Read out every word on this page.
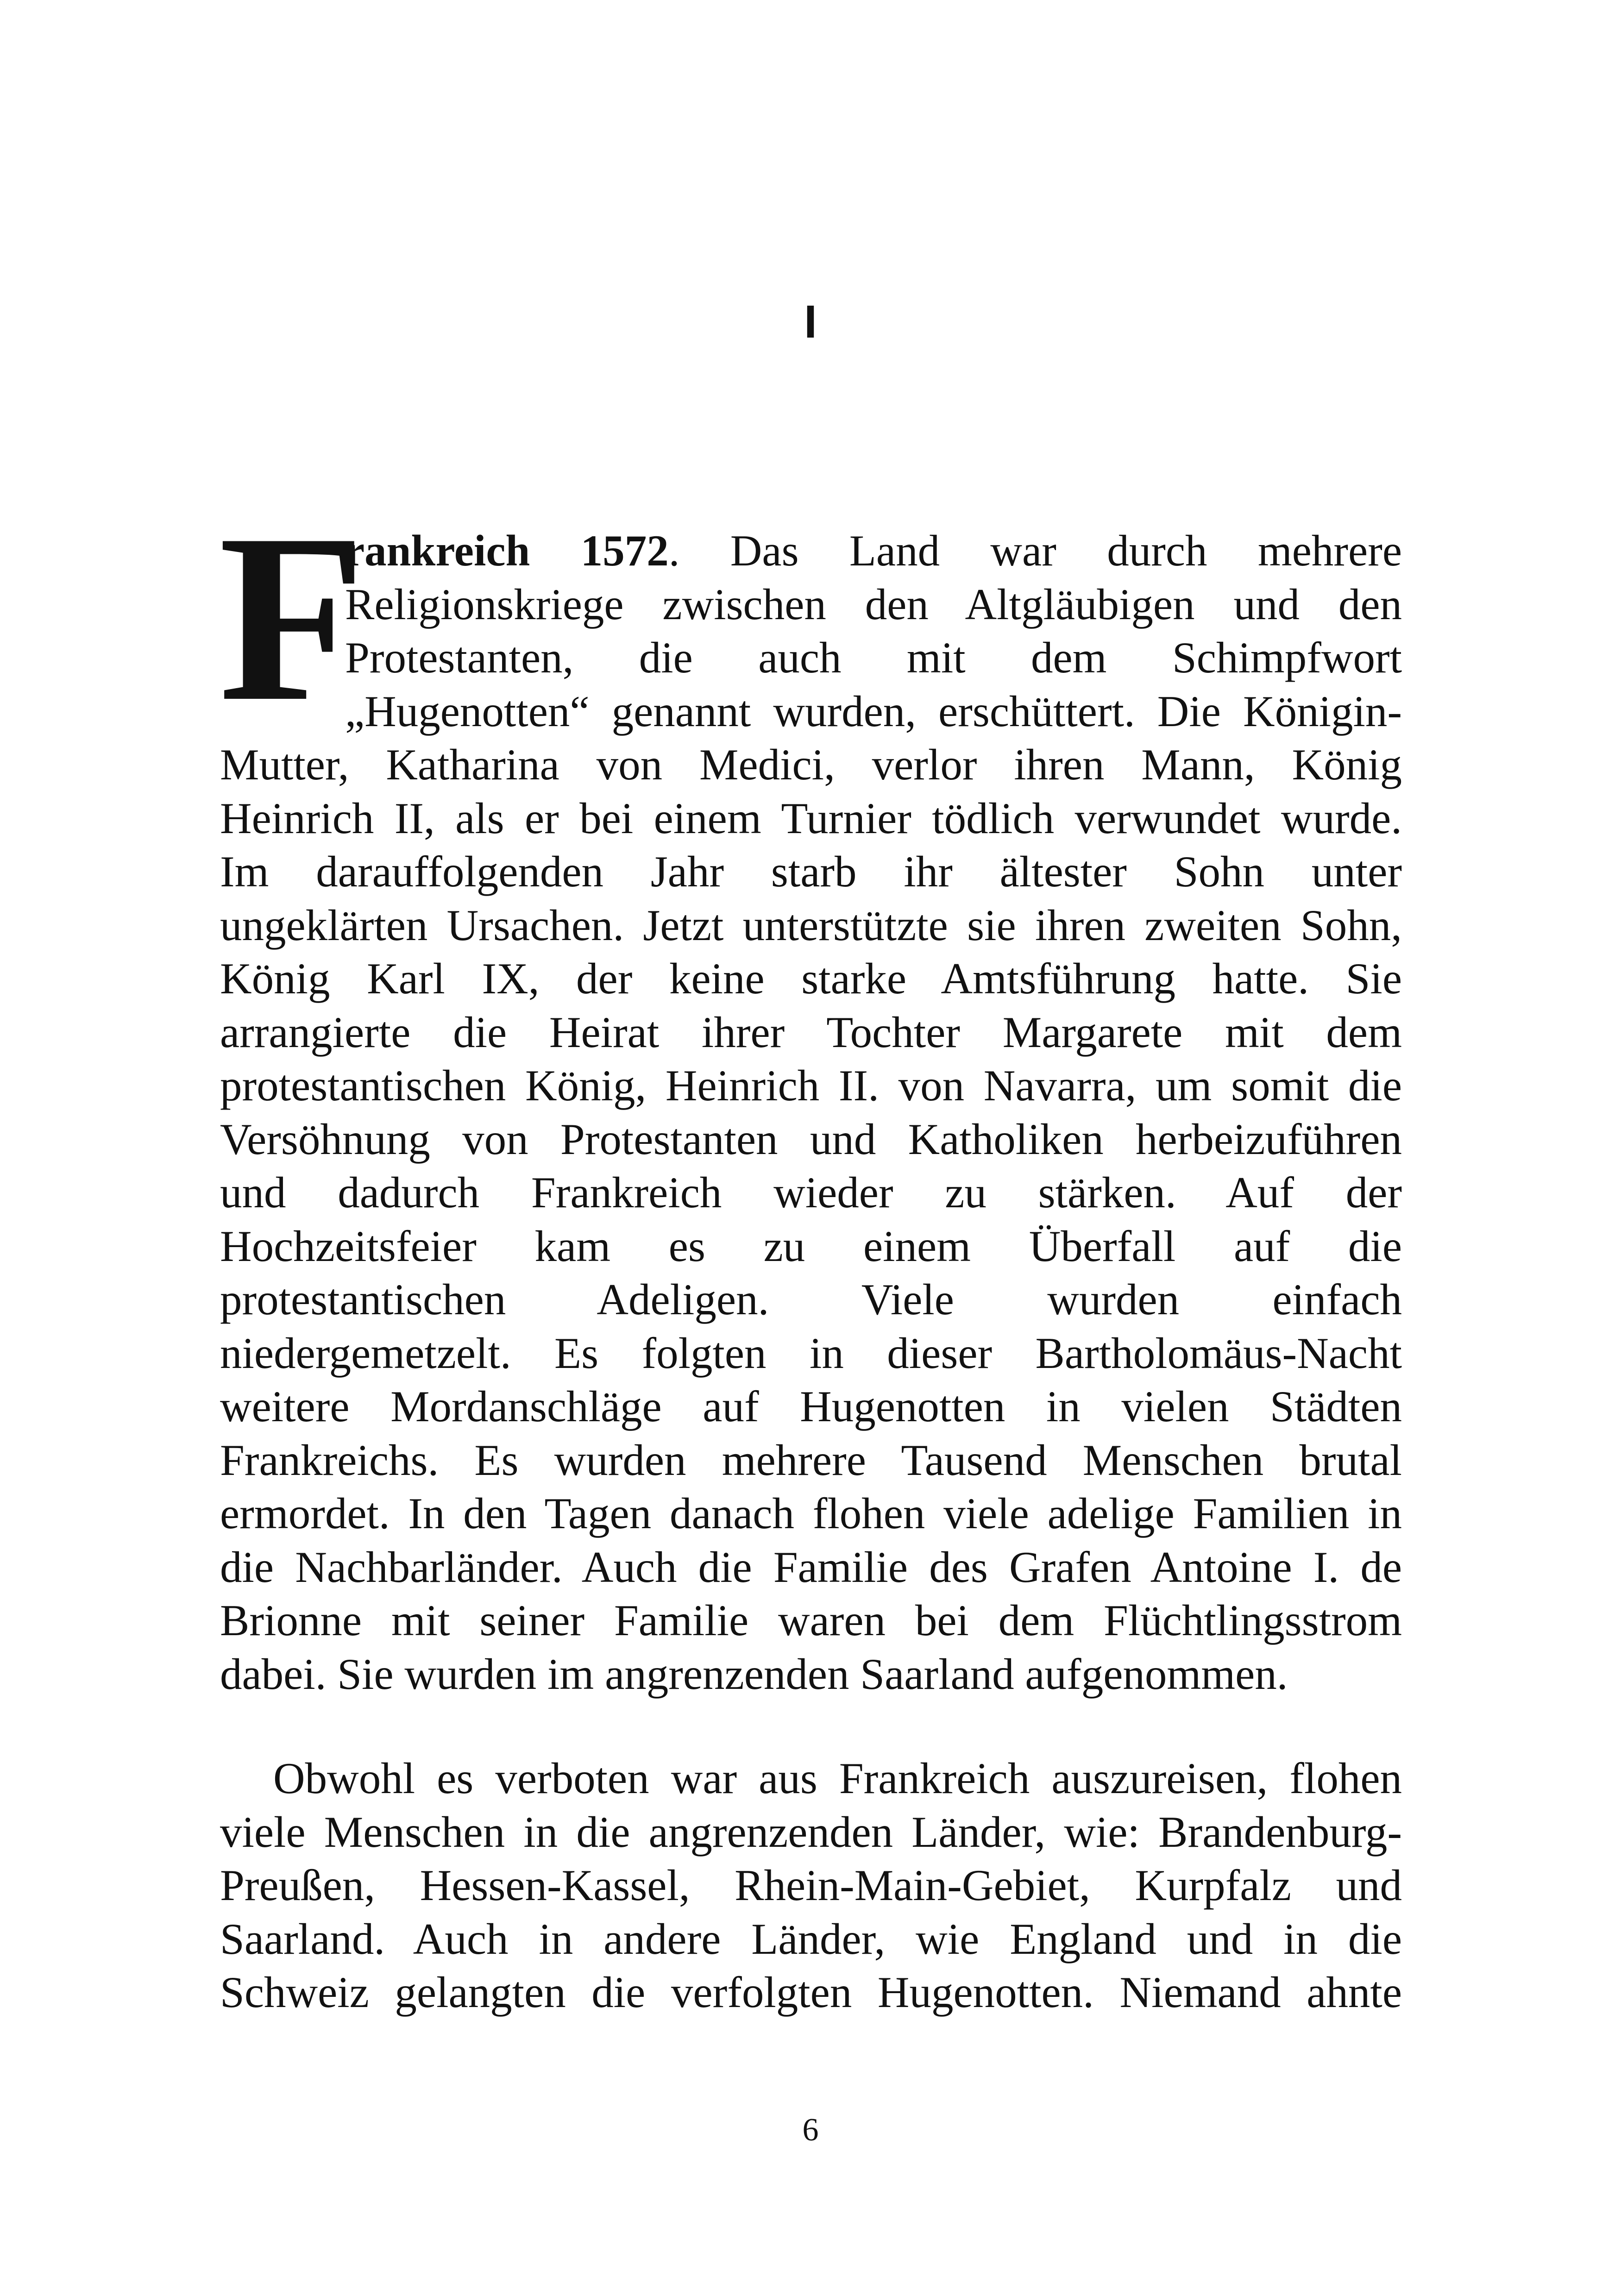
I
F
rankreich 1572. Das Land war durch mehrere
Religionskriege zwischen den Altgläubigen und den
Protestanten, die auch mit dem Schimpfwort
„Hugenotten“ genannt wurden, erschüttert. Die Königin-
Mutter, Katharina von Medici, verlor ihren Mann, König
Heinrich II, als er bei einem Turnier tödlich verwundet wurde.
Im darauffolgenden Jahr starb ihr ältester Sohn unter
ungeklärten Ursachen. Jetzt unterstützte sie ihren zweiten Sohn,
König Karl IX, der keine starke Amtsführung hatte. Sie
arrangierte die Heirat ihrer Tochter Margarete mit dem
protestantischen König, Heinrich II. von Navarra, um somit die
Versöhnung von Protestanten und Katholiken herbeizuführen
und dadurch Frankreich wieder zu stärken. Auf der
Hochzeitsfeier kam es zu einem Überfall auf die
protestantischen Adeligen. Viele wurden einfach
niedergemetzelt. Es folgten in dieser Bartholomäus-Nacht
weitere Mordanschläge auf Hugenotten in vielen Städten
Frankreichs. Es wurden mehrere Tausend Menschen brutal
ermordet. In den Tagen danach flohen viele adelige Familien in
die Nachbarländer. Auch die Familie des Grafen Antoine I. de
Brionne mit seiner Familie waren bei dem Flüchtlingsstrom
dabei. Sie wurden im angrenzenden Saarland aufgenommen.
Obwohl es verboten war aus Frankreich auszureisen, flohen
viele Menschen in die angrenzenden Länder, wie: Brandenburg-
Preußen, Hessen-Kassel, Rhein-Main-Gebiet, Kurpfalz und
Saarland. Auch in andere Länder, wie England und in die
Schweiz gelangten die verfolgten Hugenotten. Niemand ahnte
6
